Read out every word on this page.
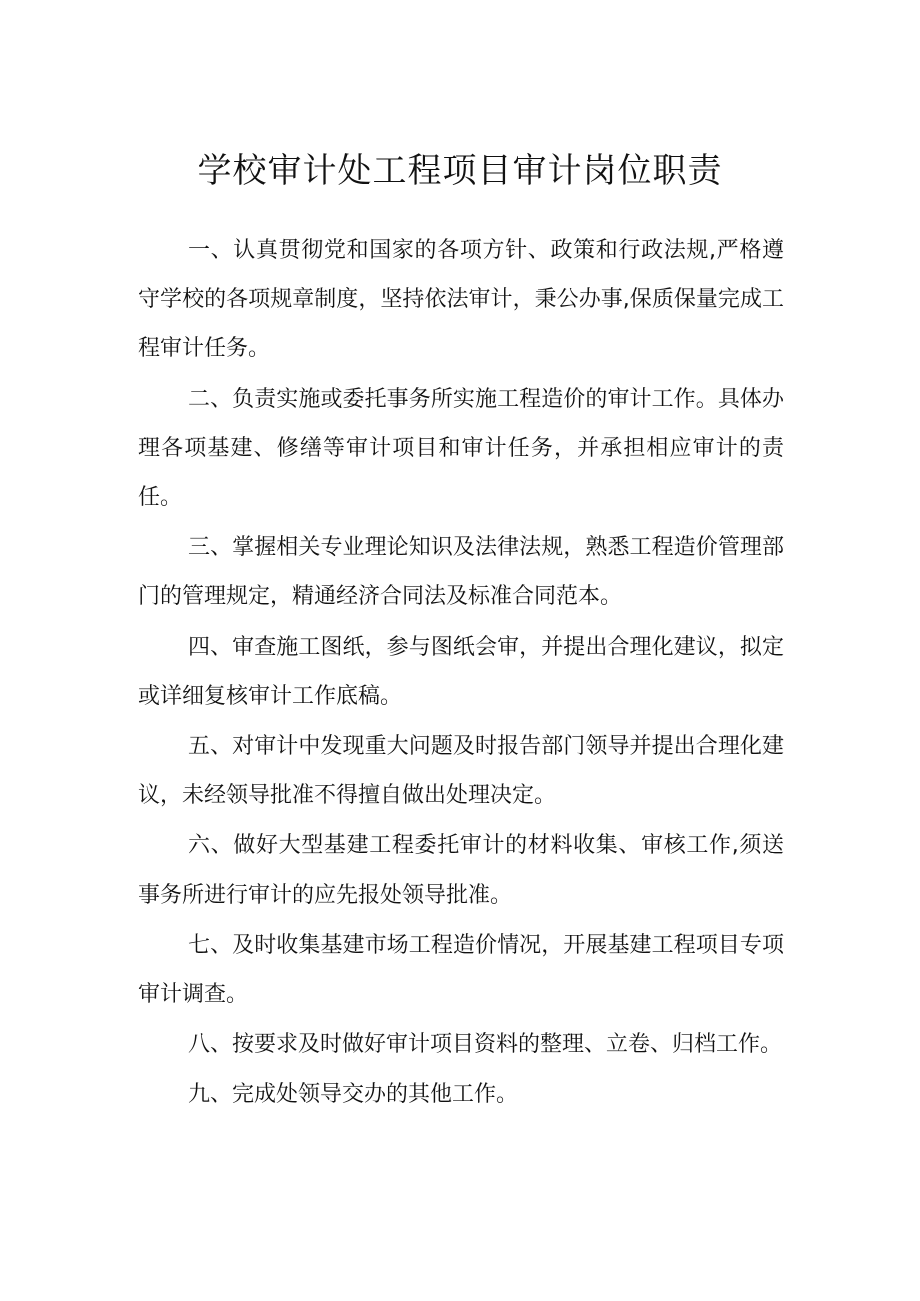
学校审计处工程项目审计岗位职责
一、认真贯彻党和国家的各项方针、政策和行政法规,严格遵守学校的各项规章制度，坚持依法审计，秉公办事,保质保量完成工程审计任务。
二、负责实施或委托事务所实施工程造价的审计工作。具体办理各项基建、修缮等审计项目和审计任务，并承担相应审计的责任。
三、掌握相关专业理论知识及法律法规，熟悉工程造价管理部门的管理规定，精通经济合同法及标准合同范本。
四、审查施工图纸，参与图纸会审，并提出合理化建议，拟定或详细复核审计工作底稿。
五、对审计中发现重大问题及时报告部门领导并提出合理化建议，未经领导批准不得擅自做出处理决定。
六、做好大型基建工程委托审计的材料收集、审核工作,须送事务所进行审计的应先报处领导批准。
七、及时收集基建市场工程造价情况，开展基建工程项目专项审计调查。
八、按要求及时做好审计项目资料的整理、立卷、归档工作。
九、完成处领导交办的其他工作。
